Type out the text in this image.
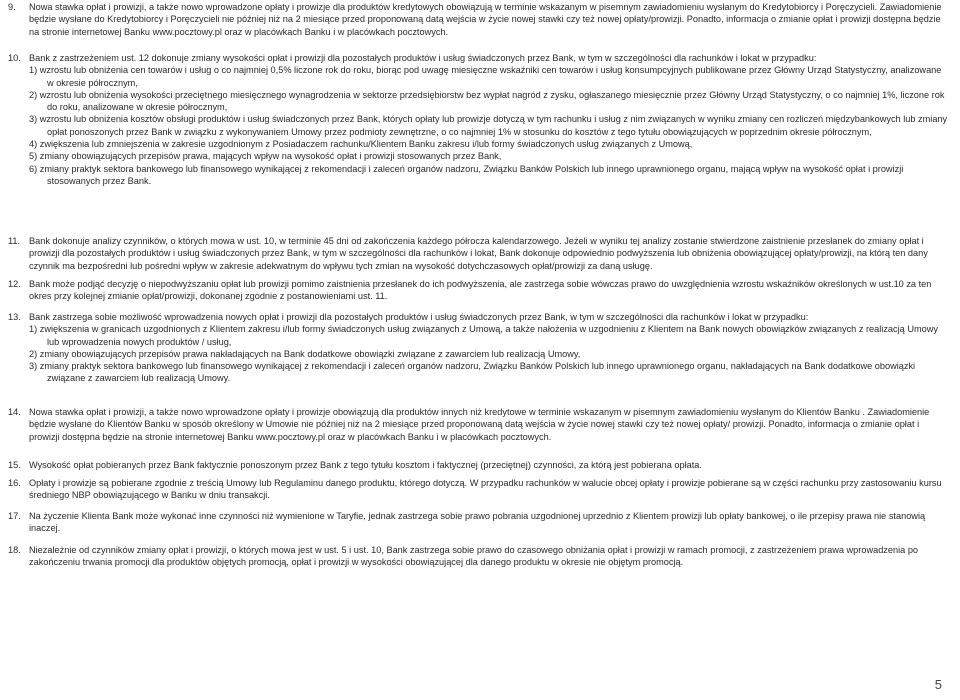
9.	Nowa stawka opłat i prowizji, a także nowo wprowadzone opłaty i prowizje dla produktów kredytowych obowiązują w terminie wskazanym w pisemnym zawiadomieniu wysłanym do Kredytobiorcy i Poręczycieli. Zawiadomienie będzie wysłane do Kredytobiorcy i Poręczycieli nie później niż na 2 miesiące przed proponowaną datą wejścia w życie nowej stawki czy też nowej opłaty/prowizji. Ponadto, informacja o zmianie opłat i prowizji dostępna będzie na stronie internetowej Banku www.pocztowy.pl oraz w placówkach Banku i w placówkach pocztowych.
10. Bank z zastrzeżeniem ust. 12 dokonuje zmiany wysokości opłat i prowizji dla pozostałych produktów i usług świadczonych przez Bank, w tym w szczególności dla rachunków i lokat w przypadku:
1) wzrostu lub obniżenia cen towarów i usług o co najmniej 0,5% liczone rok do roku, biorąc pod uwagę miesięczne wskaźniki cen towarów i usług konsumpcyjnych publikowane przez Główny Urząd Statystyczny, analizowane w okresie półrocznym,
2) wzrostu lub obniżenia wysokości przeciętnego miesięcznego wynagrodzenia w sektorze przedsiębiorstw bez wypłat nagród z zysku, ogłaszanego miesięcznie przez Główny Urząd Statystyczny, o co najmniej 1%, liczone rok do roku, analizowane w okresie półrocznym,
3) wzrostu lub obniżenia kosztów obsługi produktów i usług świadczonych przez Bank, których opłaty lub prowizje dotyczą w tym rachunku i usług z nim związanych w wyniku zmiany cen rozliczeń międzybankowych lub zmiany opłat ponoszonych przez Bank w związku z wykonywaniem Umowy przez podmioty zewnętrzne, o co najmniej 1% w stosunku do kosztów z tego tytułu obowiązujących w poprzednim okresie półrocznym,
4) zwiększenia lub zmniejszenia w zakresie uzgodnionym z Posiadaczem rachunku/Klientem Banku zakresu i/lub formy świadczonych usług związanych z Umową,
5) zmiany obowiązujących przepisów prawa, mających wpływ na wysokość opłat i prowizji stosowanych przez Bank,
6) zmiany praktyk sektora bankowego lub finansowego wynikającej z rekomendacji i zaleceń organów nadzoru, Związku Banków Polskich lub innego uprawnionego organu, mającą wpływ na wysokość opłat i prowizji stosowanych przez Bank.
11. Bank dokonuje analizy czynników, o których mowa w ust. 10, w terminie 45 dni od zakończenia każdego półrocza kalendarzowego. Jeżeli w wyniku tej analizy zostanie stwierdzone zaistnienie przesłanek do zmiany opłat i prowizji dla pozostałych produktów i usług świadczonych przez Bank, w tym w szczególności dla rachunków i lokat, Bank dokonuje odpowiednio podwyższenia lub obniżenia obowiązującej opłaty/prowizji, na którą ten dany czynnik ma bezpośredni lub pośredni wpływ w zakresie adekwatnym do wpływu tych zmian na wysokość dotychczasowych opłat/prowizji za daną usługę.
12. Bank może podjąć decyzję o niepodwyższaniu opłat lub prowizji pomimo zaistnienia przesłanek do ich podwyższenia, ale zastrzega sobie wówczas prawo do uwzględnienia wzrostu wskaźników określonych w ust.10 za ten okres przy kolejnej zmianie opłat/prowizji, dokonanej zgodnie z postanowieniami ust. 11.
13. Bank zastrzega sobie możliwość wprowadzenia nowych opłat i prowizji dla pozostałych produktów i usług świadczonych przez Bank, w tym w szczególności dla rachunków i lokat w przypadku:
1) zwiększenia w granicach uzgodnionych z Klientem zakresu i/lub formy świadczonych usług związanych z Umową, a także nałożenia w uzgodnieniu z Klientem na Bank nowych obowiązków związanych z realizacją Umowy lub wprowadzenia nowych produktów / usług,
2) zmiany obowiązujących przepisów prawa nakładających na Bank dodatkowe obowiązki związane z zawarciem lub realizacją Umowy,
3) zmiany praktyk sektora bankowego lub finansowego wynikającej z rekomendacji i zaleceń organów nadzoru, Związku Banków Polskich lub innego uprawnionego organu, nakładających na Bank dodatkowe obowiązki związane z zawarciem lub realizacją Umowy.
14. Nowa stawka opłat i prowizji, a także nowo wprowadzone opłaty i prowizje obowiązują dla produktów innych niż kredytowe w terminie wskazanym w pisemnym zawiadomieniu wysłanym do Klientów Banku . Zawiadomienie będzie wysłane do Klientów Banku w sposób określony w Umowie nie później niż na 2 miesiące przed proponowaną datą wejścia w życie nowej stawki czy też nowej opłaty/ prowizji. Ponadto, informacja o zmianie opłat i prowizji dostępna będzie na stronie internetowej Banku www.pocztowy.pl oraz w placówkach Banku i w placówkach pocztowych.
15. Wysokość opłat pobieranych przez Bank faktycznie ponoszonym przez Bank z tego tytułu kosztom i faktycznej (przeciętnej) czynności, za którą jest pobierana opłata.
16. Opłaty i prowizje są pobierane zgodnie z treścią Umowy lub Regulaminu danego produktu, którego dotyczą. W przypadku rachunków w walucie obcej opłaty i prowizje pobierane są w części rachunku przy zastosowaniu kursu średniego NBP obowiązującego w Banku w dniu transakcji.
17. Na życzenie Klienta Bank może wykonać inne czynności niż wymienione w Taryfie, jednak zastrzega sobie prawo pobrania uzgodnionej uprzednio z Klientem prowizji lub opłaty bankowej, o ile przepisy prawa nie stanowią inaczej.
18. Niezależnie od czynników zmiany opłat i prowizji, o których mowa jest w ust. 5 i ust. 10, Bank zastrzega sobie prawo do czasowego obniżania opłat i prowizji w ramach promocji, z zastrzeżeniem prawa wprowadzenia po zakończeniu trwania promocji dla produktów objętych promocją, opłat i prowizji w wysokości obowiązującej dla danego produktu w okresie nie objętym promocją.
5
